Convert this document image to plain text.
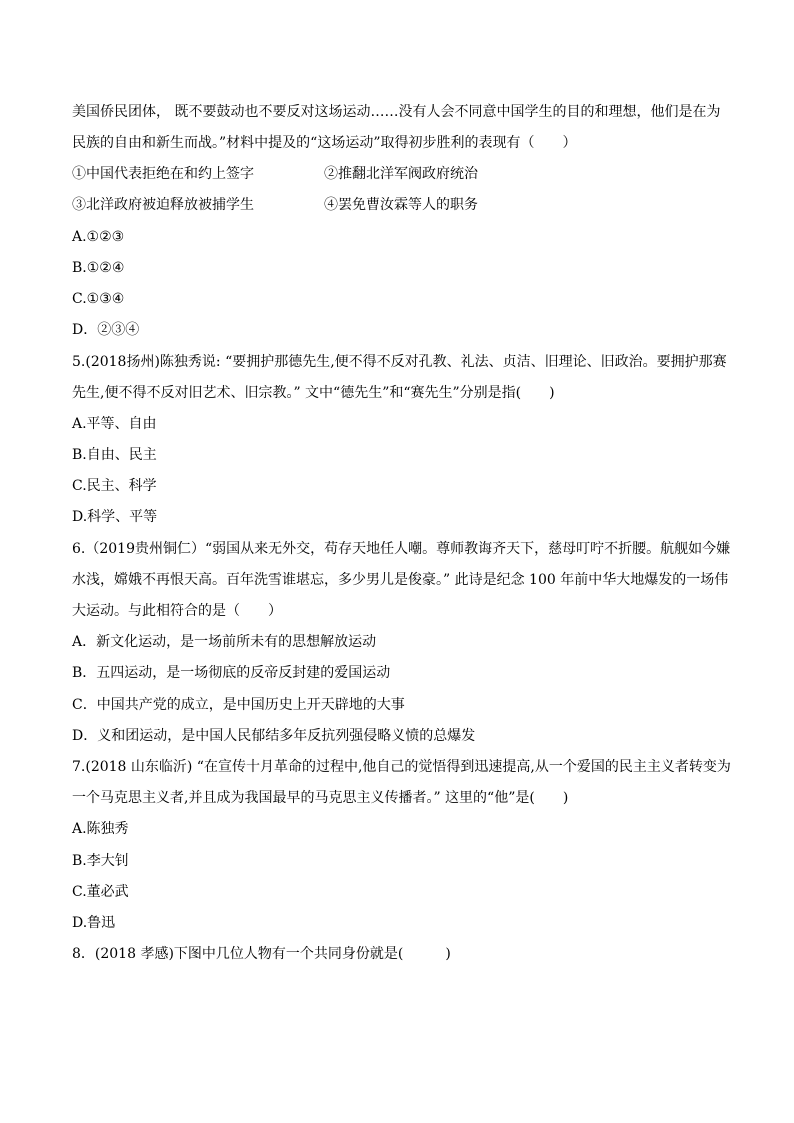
美国侨民团体， 既不要鼓动也不要反对这场运动……没有人会不同意中国学生的目的和理想，他们是在为
民族的自由和新生而战。”材料中提及的“这场运动”取得初步胜利的表现有（　　）
①中国代表拒绝在和约上签字	②推翻北洋军阀政府统治
③北洋政府被迫释放被捕学生	④罢免曹汝霖等人的职务
A.①②③
B.①②④
C.①③④
D．②③④
5.(2018扬州)陈独秀说: “要拥护那德先生,便不得不反对孔教、礼法、贞洁、旧理论、旧政治。要拥护那赛
先生,便不得不反对旧艺术、旧宗教。” 文中“德先生”和“赛先生”分别是指(　　)
A.平等、自由
B.自由、民主
C.民主、科学
D.科学、平等
6.（2019贵州铜仁）“弱国从来无外交，苟存天地任人嘲。尊师教诲齐天下，慈母叮咛不折腰。航舰如今嫌
水浅，嫦娥不再恨天高。百年洗雪谁堪忘，多少男儿是俊豪。” 此诗是纪念 100 年前中华大地爆发的一场伟
大运动。与此相符合的是（　　）
A．新文化运动，是一场前所未有的思想解放运动
B．五四运动，是一场彻底的反帝反封建的爱国运动
C．中国共产党的成立，是中国历史上开天辟地的大事
D．义和团运动，是中国人民郁结多年反抗列强侵略义愤的总爆发
7.(2018 山东临沂) “在宣传十月革命的过程中,他自己的觉悟得到迅速提高,从一个爱国的民主主义者转变为
一个马克思主义者,并且成为我国最早的马克思主义传播者。” 这里的“他”是(　　)
A.陈独秀
B.李大钊
C.董必武
D.鲁迅
8．(2018 孝感)下图中几位人物有一个共同身份就是(　　　)
